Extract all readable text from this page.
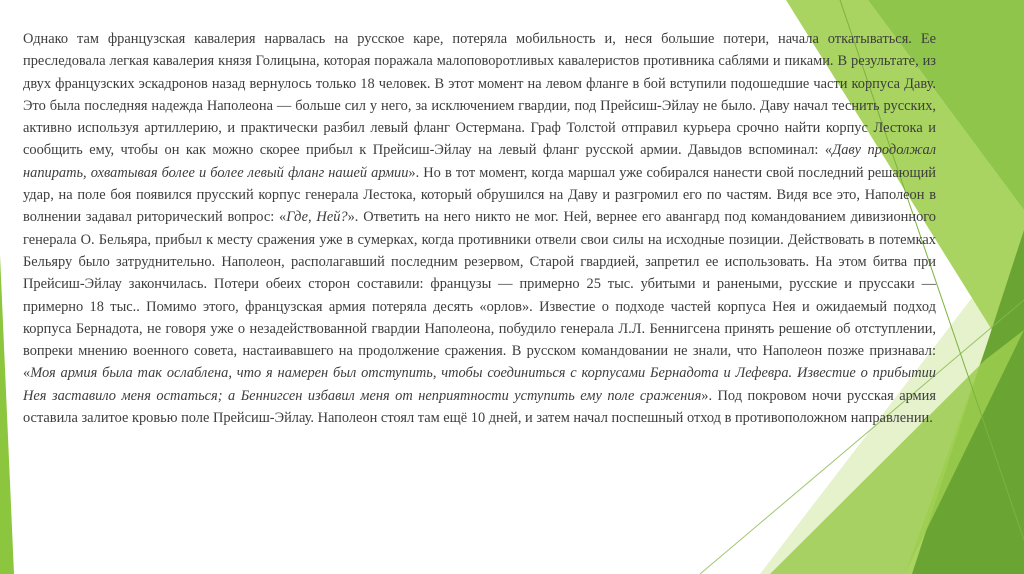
Однако там французская кавалерия нарвалась на русское каре, потеряла мобильность и, неся большие потери, начала откатываться. Ее преследовала легкая кавалерия князя Голицына, которая поражала малоповоротливых кавалеристов противника саблями и пиками. В результате, из двух французских эскадронов назад вернулось только 18 человек. В этот момент на левом фланге в бой вступили подошедшие части корпуса Даву. Это была последняя надежда Наполеона — больше сил у него, за исключением гвардии, под Прейсиш-Эйлау не было. Даву начал теснить русских, активно используя артиллерию, и практически разбил левый фланг Остермана. Граф Толстой отправил курьера срочно найти корпус Лестока и сообщить ему, чтобы он как можно скорее прибыл к Прейсиш-Эйлау на левый фланг русской армии. Давыдов вспоминал: «Даву продолжал напирать, охватывая более и более левый фланг нашей армии». Но в тот момент, когда маршал уже собирался нанести свой последний решающий удар, на поле боя появился прусский корпус генерала Лестока, который обрушился на Даву и разгромил его по частям. Видя все это, Наполеон в волнении задавал риторический вопрос: «Где, Ней?». Ответить на него никто не мог. Ней, вернее его авангард под командованием дивизионного генерала О. Бельяра, прибыл к месту сражения уже в сумерках, когда противники отвели свои силы на исходные позиции. Действовать в потемках Бельяру было затруднительно. Наполеон, располагавший последним резервом, Старой гвардией, запретил ее использовать. На этом битва при Прейсиш-Эйлау закончилась. Потери обеих сторон составили: французы — примерно 25 тыс. убитыми и ранеными, русские и пруссаки — примерно 18 тыс.. Помимо этого, французская армия потеряла десять «орлов». Известие о подходе частей корпуса Нея и ожидаемый подход корпуса Бернадота, не говоря уже о незадействованной гвардии Наполеона, побудило генерала Л.Л. Беннигсена принять решение об отступлении, вопреки мнению военного совета, настаивавшего на продолжение сражения. В русском командовании не знали, что Наполеон позже признавал: «Моя армия была так ослаблена, что я намерен был отступить, чтобы соединиться с корпусами Бернадота и Лефевра. Известие о прибытии Нея заставило меня остаться; а Беннигсен избавил меня от неприятности уступить ему поле сражения». Под покровом ночи русская армия оставила залитое кровью поле Прейсиш-Эйлау. Наполеон стоял там ещё 10 дней, и затем начал поспешный отход в противоположном направлении.
